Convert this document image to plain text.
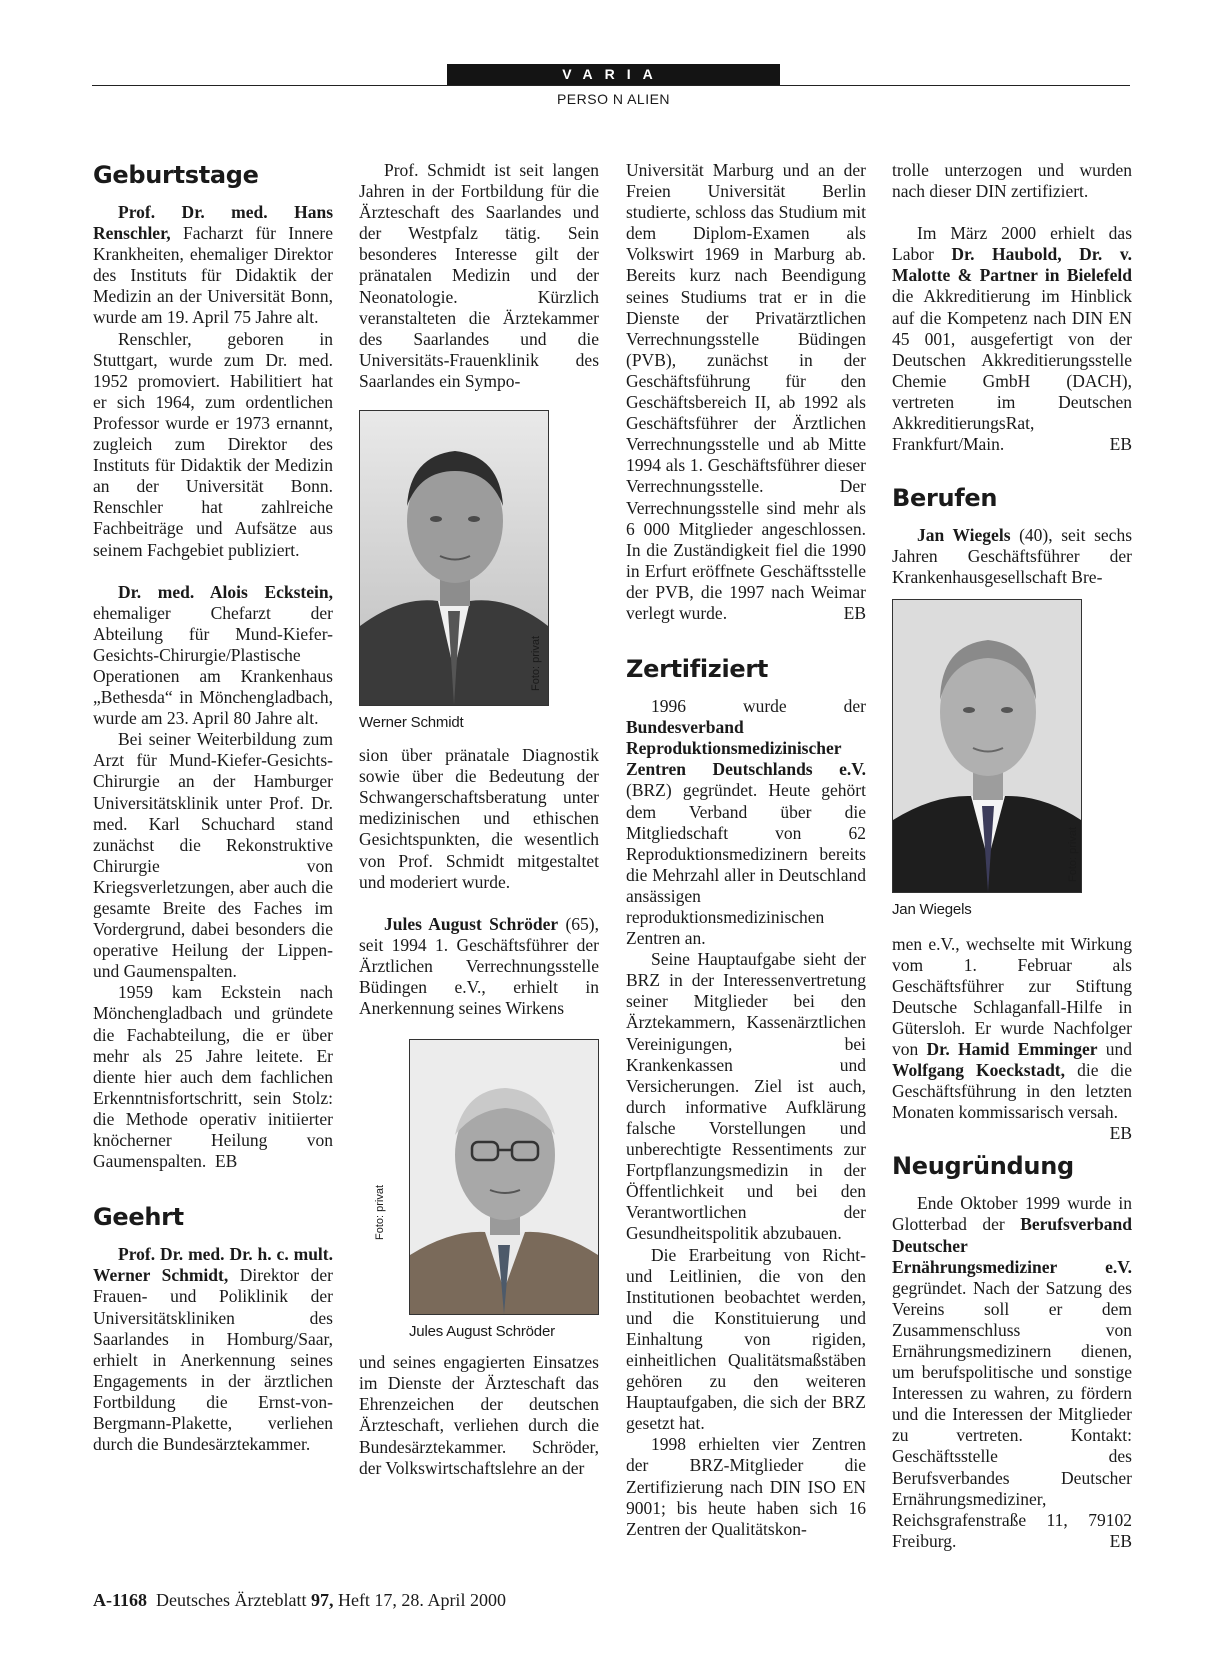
VARIA
PERSO N ALIEN
Geburtstage

Prof. Dr. med. Hans Renschler, Facharzt für Innere Krankheiten, ehemaliger Direktor des Instituts für Didaktik der Medizin an der Universität Bonn, wurde am 19. April 75 Jahre alt.

Renschler, geboren in Stuttgart, wurde zum Dr. med. 1952 promoviert. Habilitiert hat er sich 1964, zum ordentlichen Professor wurde er 1973 ernannt, zugleich zum Direktor des Instituts für Didaktik der Medizin an der Universität Bonn. Renschler hat zahlreiche Fachbeiträge und Aufsätze aus seinem Fachgebiet publiziert.

Dr. med. Alois Eckstein, ehemaliger Chefarzt der Abteilung für Mund-Kiefer-Gesichts-Chirurgie/Plastische Operationen am Krankenhaus „Bethesda“ in Mönchengladbach, wurde am 23. April 80 Jahre alt.

Bei seiner Weiterbildung zum Arzt für Mund-Kiefer-Gesichts-Chirurgie an der Hamburger Universitätsklinik unter Prof. Dr. med. Karl Schuchard stand zunächst die Rekonstruktive Chirurgie von Kriegsverletzungen, aber auch die gesamte Breite des Faches im Vordergrund, dabei besonders die operative Heilung der Lippen- und Gaumenspalten.

1959 kam Eckstein nach Mönchengladbach und gründete die Fachabteilung, die er über mehr als 25 Jahre leitete. Er diente hier auch dem fachlichen Erkenntnisfortschritt, sein Stolz: die Methode operativ initiierter knöcherner Heilung von Gaumenspalten. EB

Geehrt

Prof. Dr. med. Dr. h. c. mult. Werner Schmidt, Direktor der Frauen- und Poliklinik der Universitätskliniken des Saarlandes in Homburg/Saar, erhielt in Anerkennung seines Engagements in der ärztlichen Fortbildung die Ernst-von-Bergmann-Plakette, verliehen durch die Bundesärztekammer.

Prof. Schmidt ist seit langen Jahren in der Fortbildung für die Ärzteschaft des Saarlandes und der Westpfalz tätig. Sein besonderes Interesse gilt der pränatalen Medizin und der Neonatologie. Kürzlich veranstalteten die Ärztekammer des Saarlandes und die Universitäts-Frauenklinik des Saarlandes ein Sympo-

Foto: privat
Werner Schmidt

sion über pränatale Diagnostik sowie über die Bedeutung der Schwangerschaftsberatung unter medizinischen und ethischen Gesichtspunkten, die wesentlich von Prof. Schmidt mitgestaltet und moderiert wurde.

Jules August Schröder (65), seit 1994 1. Geschäftsführer der Ärztlichen Verrechnungsstelle Büdingen e.V., erhielt in Anerkennung seines Wirkens

Jules August Schröder

und seines engagierten Einsatzes im Dienste der Ärzteschaft das Ehrenzeichen der deutschen Ärzteschaft, verliehen durch die Bundesärztekammer. Schröder, der Volkswirtschaftslehre an der

Foto: privat

Universität Marburg und an der Freien Universität Berlin studierte, schloss das Studium mit dem Diplom-Examen als Volkswirt 1969 in Marburg ab. Bereits kurz nach Beendigung seines Studiums trat er in die Dienste der Privatärztlichen Verrechnungsstelle Büdingen (PVB), zunächst in der Geschäftsführung für den Geschäftsbereich II, ab 1992 als Geschäftsführer der Ärztlichen Verrechnungsstelle und ab Mitte 1994 als 1. Geschäftsführer dieser Verrechnungsstelle. Der Verrechnungsstelle sind mehr als 6 000 Mitglieder angeschlossen. In die Zuständigkeit fiel die 1990 in Erfurt eröffnete Geschäftsstelle der PVB, die 1997 nach Weimar verlegt wurde.	EB

Zertifiziert

1996 wurde der Bundesverband Reproduktionsmedizinischer Zentren Deutschlands e.V. (BRZ) gegründet. Heute gehört dem Verband über die Mitgliedschaft von 62 Reproduktionsmedizinern bereits die Mehrzahl aller in Deutschland ansässigen reproduktionsmedizinischen Zentren an.

Seine Hauptaufgabe sieht der BRZ in der Interessenvertretung seiner Mitglieder bei den Ärztekammern, Kassenärztlichen Vereinigungen, bei Krankenkassen und Versicherungen. Ziel ist auch, durch informative Aufklärung falsche Vorstellungen und unberechtigte Ressentiments zur Fortpflanzungsmedizin in der Öffentlichkeit und bei den Verantwortlichen der Gesundheitspolitik abzubauen.

Die Erarbeitung von Richt- und Leitlinien, die von den Institutionen beobachtet werden, und die Konstituierung und Einhaltung von rigiden, einheitlichen Qualitätsmaßstäben gehören zu den weiteren Hauptaufgaben, die sich der BRZ gesetzt hat.

1998 erhielten vier Zentren der BRZ-Mitglieder die Zertifizierung nach DIN ISO EN 9001; bis heute haben sich 16 Zentren der Qualitätskon-

trolle unterzogen und wurden nach dieser DIN zertifiziert.

Im März 2000 erhielt das Labor Dr. Haubold, Dr. v. Malotte & Partner in Bielefeld die Akkreditierung im Hinblick auf die Kompetenz nach DIN EN 45 001, ausgefertigt von der Deutschen Akkreditierungsstelle Chemie GmbH (DACH), vertreten im Deutschen AkkreditierungsRat, Frankfurt/Main.	EB

Berufen

Jan Wiegels (40), seit sechs Jahren Geschäftsführer der Krankenhausgesellschaft Bre-

Foto: privat
Jan Wiegels

men e.V., wechselte mit Wirkung vom 1. Februar als Geschäftsführer zur Stiftung Deutsche Schlaganfall-Hilfe in Gütersloh. Er wurde Nachfolger von Dr. Hamid Emminger und Wolfgang Koeckstadt, die die Geschäftsführung in den letzten Monaten kommissarisch versah.
EB

Neugründung

Ende Oktober 1999 wurde in Glotterbad der Berufsverband Deutscher Ernährungsmediziner e.V. gegründet. Nach der Satzung des Vereins soll er dem Zusammenschluss von Ernährungsmedizinern dienen, um berufspolitische und sonstige Interessen zu wahren, zu fördern und die Interessen der Mitglieder zu vertreten. Kontakt: Geschäftsstelle des Berufsverbandes Deutscher Ernährungsmediziner, Reichsgrafenstraße 11, 79102 Freiburg.	EB

A-1168 Deutsches Ärzteblatt 97, Heft 17, 28. April 2000
